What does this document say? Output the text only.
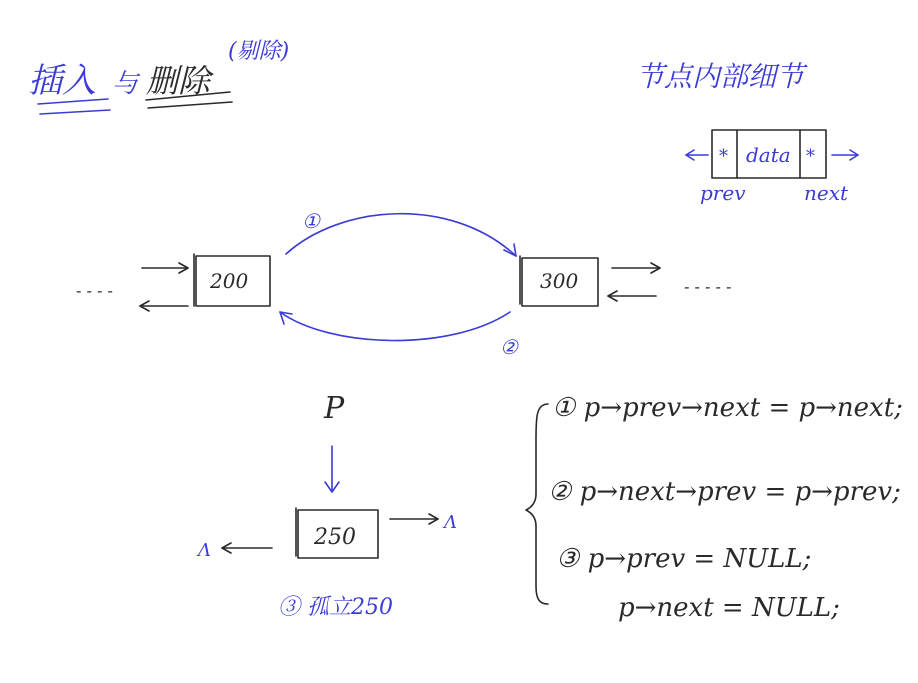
插入 与 删除
(剔除)
节点内部细节
* data *
prev	next
- - - -	200	300	- - - - -
①
②
P
250
Λ
Λ
③ 孤立250
① p→prev→next = p→next;
② p→next→prev = p→prev;
③ p→prev = NULL;
p→next = NULL;
